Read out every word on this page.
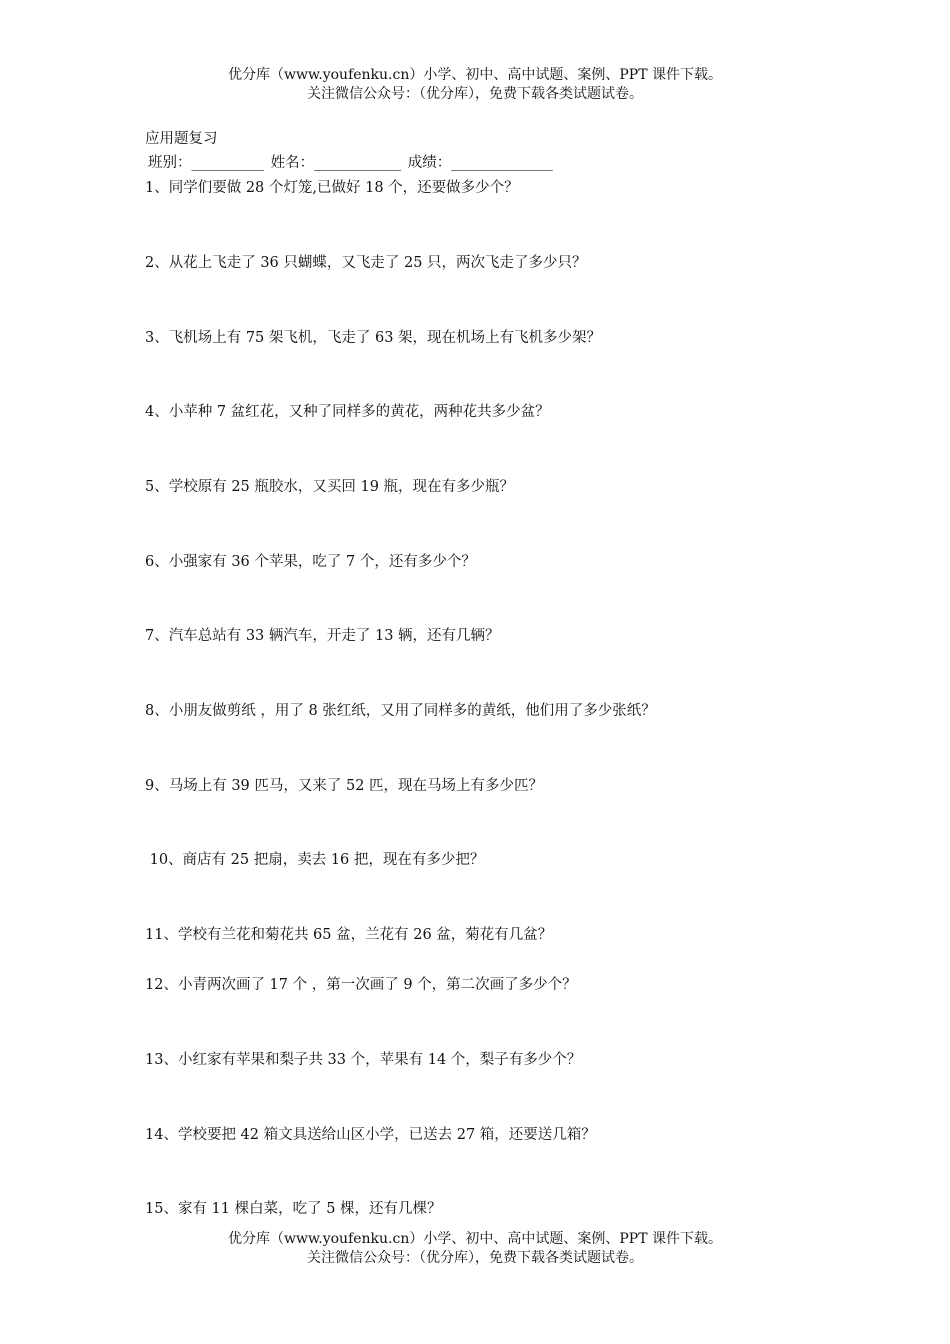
优分库（www.youfenku.cn）小学、初中、高中试题、案例、PPT 课件下载。
关注微信公众号：（优分库），免费下载各类试题试卷。
应用题复习
班别：__________ 姓名：____________ 成绩：______________
1、同学们要做 28 个灯笼,已做好 18 个，还要做多少个？
2、从花上飞走了 36 只蝴蝶，又飞走了 25 只，两次飞走了多少只？
3、飞机场上有 75 架飞机，飞走了 63 架，现在机场上有飞机多少架？
4、小苹种 7 盆红花，又种了同样多的黄花，两种花共多少盆？
5、学校原有 25 瓶胶水，又买回 19 瓶，现在有多少瓶？
6、小强家有 36 个苹果，吃了 7 个，还有多少个？
7、汽车总站有 33 辆汽车，开走了 13 辆，还有几辆？
8、小朋友做剪纸 ，用了 8 张红纸，又用了同样多的黄纸，他们用了多少张纸？
9、马场上有 39 匹马，又来了 52 匹，现在马场上有多少匹？
10、商店有 25 把扇，卖去 16 把，现在有多少把？
11、学校有兰花和菊花共 65 盆，兰花有 26 盆，菊花有几盆？
12、小青两次画了 17 个 ，第一次画了 9 个，第二次画了多少个？
13、小红家有苹果和梨子共 33 个，苹果有 14 个，梨子有多少个？
14、学校要把 42 箱文具送给山区小学，已送去 27 箱，还要送几箱？
15、家有 11 棵白菜，吃了 5 棵，还有几棵？
优分库（www.youfenku.cn）小学、初中、高中试题、案例、PPT 课件下载。
关注微信公众号：（优分库），免费下载各类试题试卷。
